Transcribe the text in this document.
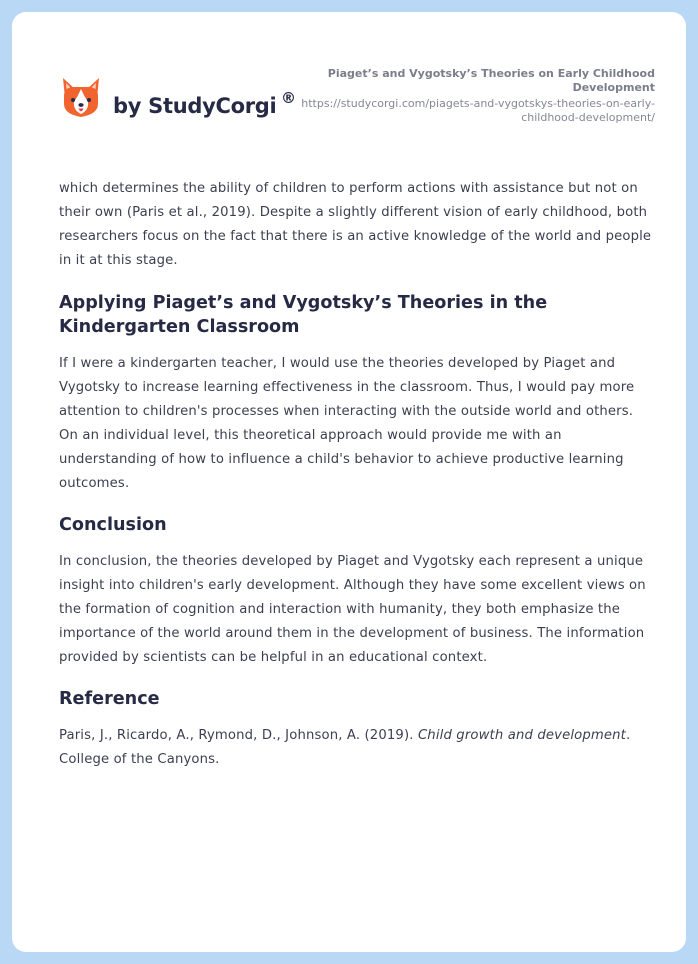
by StudyCorgi ®
Piaget’s and Vygotsky’s Theories on Early Childhood Development
https://studycorgi.com/piagets-and-vygotskys-theories-on-early-childhood-development/

which determines the ability of children to perform actions with assistance but not on their own (Paris et al., 2019). Despite a slightly different vision of early childhood, both researchers focus on the fact that there is an active knowledge of the world and people in it at this stage.

Applying Piaget’s and Vygotsky’s Theories in the Kindergarten Classroom

If I were a kindergarten teacher, I would use the theories developed by Piaget and Vygotsky to increase learning effectiveness in the classroom. Thus, I would pay more attention to children's processes when interacting with the outside world and others. On an individual level, this theoretical approach would provide me with an understanding of how to influence a child's behavior to achieve productive learning outcomes.

Conclusion

In conclusion, the theories developed by Piaget and Vygotsky each represent a unique insight into children's early development. Although they have some excellent views on the formation of cognition and interaction with humanity, they both emphasize the importance of the world around them in the development of business. The information provided by scientists can be helpful in an educational context.

Reference

Paris, J., Ricardo, A., Rymond, D., Johnson, A. (2019). Child growth and development. College of the Canyons.
